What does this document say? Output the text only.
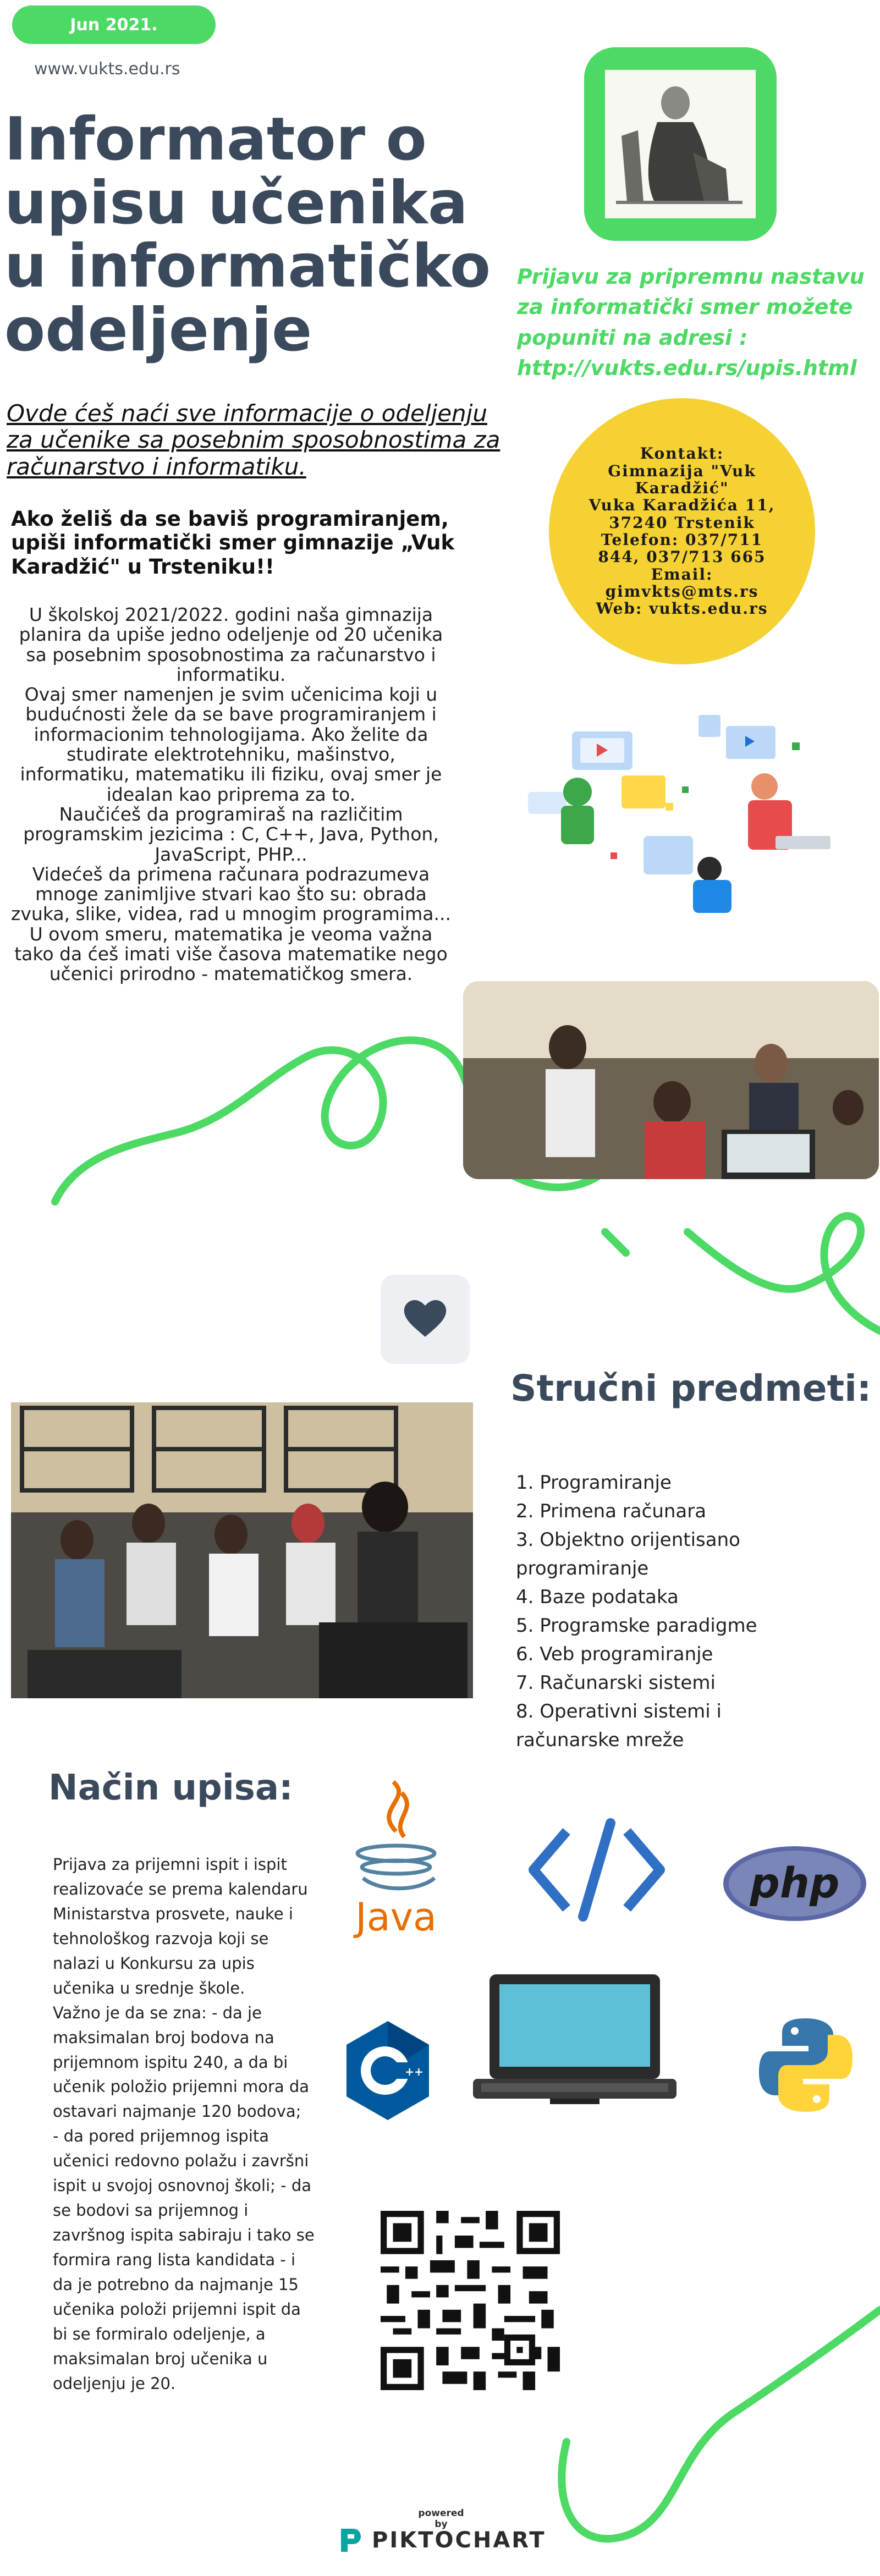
Jun 2021.
www.vukts.edu.rs
Informator o upisu učenika u informatičko odeljenje
Prijavu za pripremnu nastavu za informatički smer možete popuniti na adresi : http://vukts.edu.rs/upis.html
Ovde ćeš naći sve informacije o odeljenju za učenike sa posebnim sposobnostima za računarstvo i informatiku.	Kontakt:
Gimnazija "Vuk Karadžić"
Vuka Karadžića 11,
37240 Trstenik
Telefon: 037/711
844, 037/713 665
Email:
gimvkts@mts.rs
Web: vukts.edu.rs
Ako želiš da se baviš programiranjem, upiši informatički smer gimnazije „Vuk Karadžić" u Trsteniku!!

U školskoj 2021/2022. godini naša gimnazija planira da upiše jedno odeljenje od 20 učenika sa posebnim sposobnostima za računarstvo i informatiku.

Ovaj smer namenjen je svim učenicima koji u budućnosti žele da se bave programiranjem i informacionim tehnologijama. Ako želite da studirate elektrotehniku, mašinstvo, informatiku, matematiku ili fiziku, ovaj smer je idealan kao priprema za to.

Naučićeš da programiraš na različitim programskim jezicima : C, C++, Java, Python, JavaScript, PHP...

Videćeš da primena računara podrazumeva mnoge zanimljive stvari kao što su: obrada zvuka, slike, videa, rad u mnogim programima...

U ovom smeru, matematika je veoma važna tako da ćeš imati više časova matematike nego učenici prirodno - matematičkog smera.

Stručni predmeti:
1. Programiranje
2. Primena računara
3. Objektno orijentisano programiranje
4. Baze podataka
5. Programske paradigme
6. Veb programiranje
7. Računarski sistemi
8. Operativni sistemi i računarske mreže
Način upisa:

Prijava za prijemni ispit i ispit realizovaće se prema kalendaru Ministarstva prosvete, nauke i tehnološkog razvoja koji se nalazi u Konkursu za upis učenika u srednje škole.
Važno je da se zna: - da je maksimalan broj bodova na prijemnom ispitu 240, a da bi učenik položio prijemni mora da ostavari najmanje 120 bodova;
- da pored prijemnog ispita učenici redovno polažu i završni ispit u svojoj osnovnoj školi; - da se bodovi sa prijemnog i završnog ispita sabiraju i tako se formira rang lista kandidata - i da je potrebno da najmanje 15 učenika položi prijemni ispit da bi se formiralo odeljenje, a maksimalan broj učenika u odeljenju je 20.

Java
php
++
powered by
PIKTOCHART
